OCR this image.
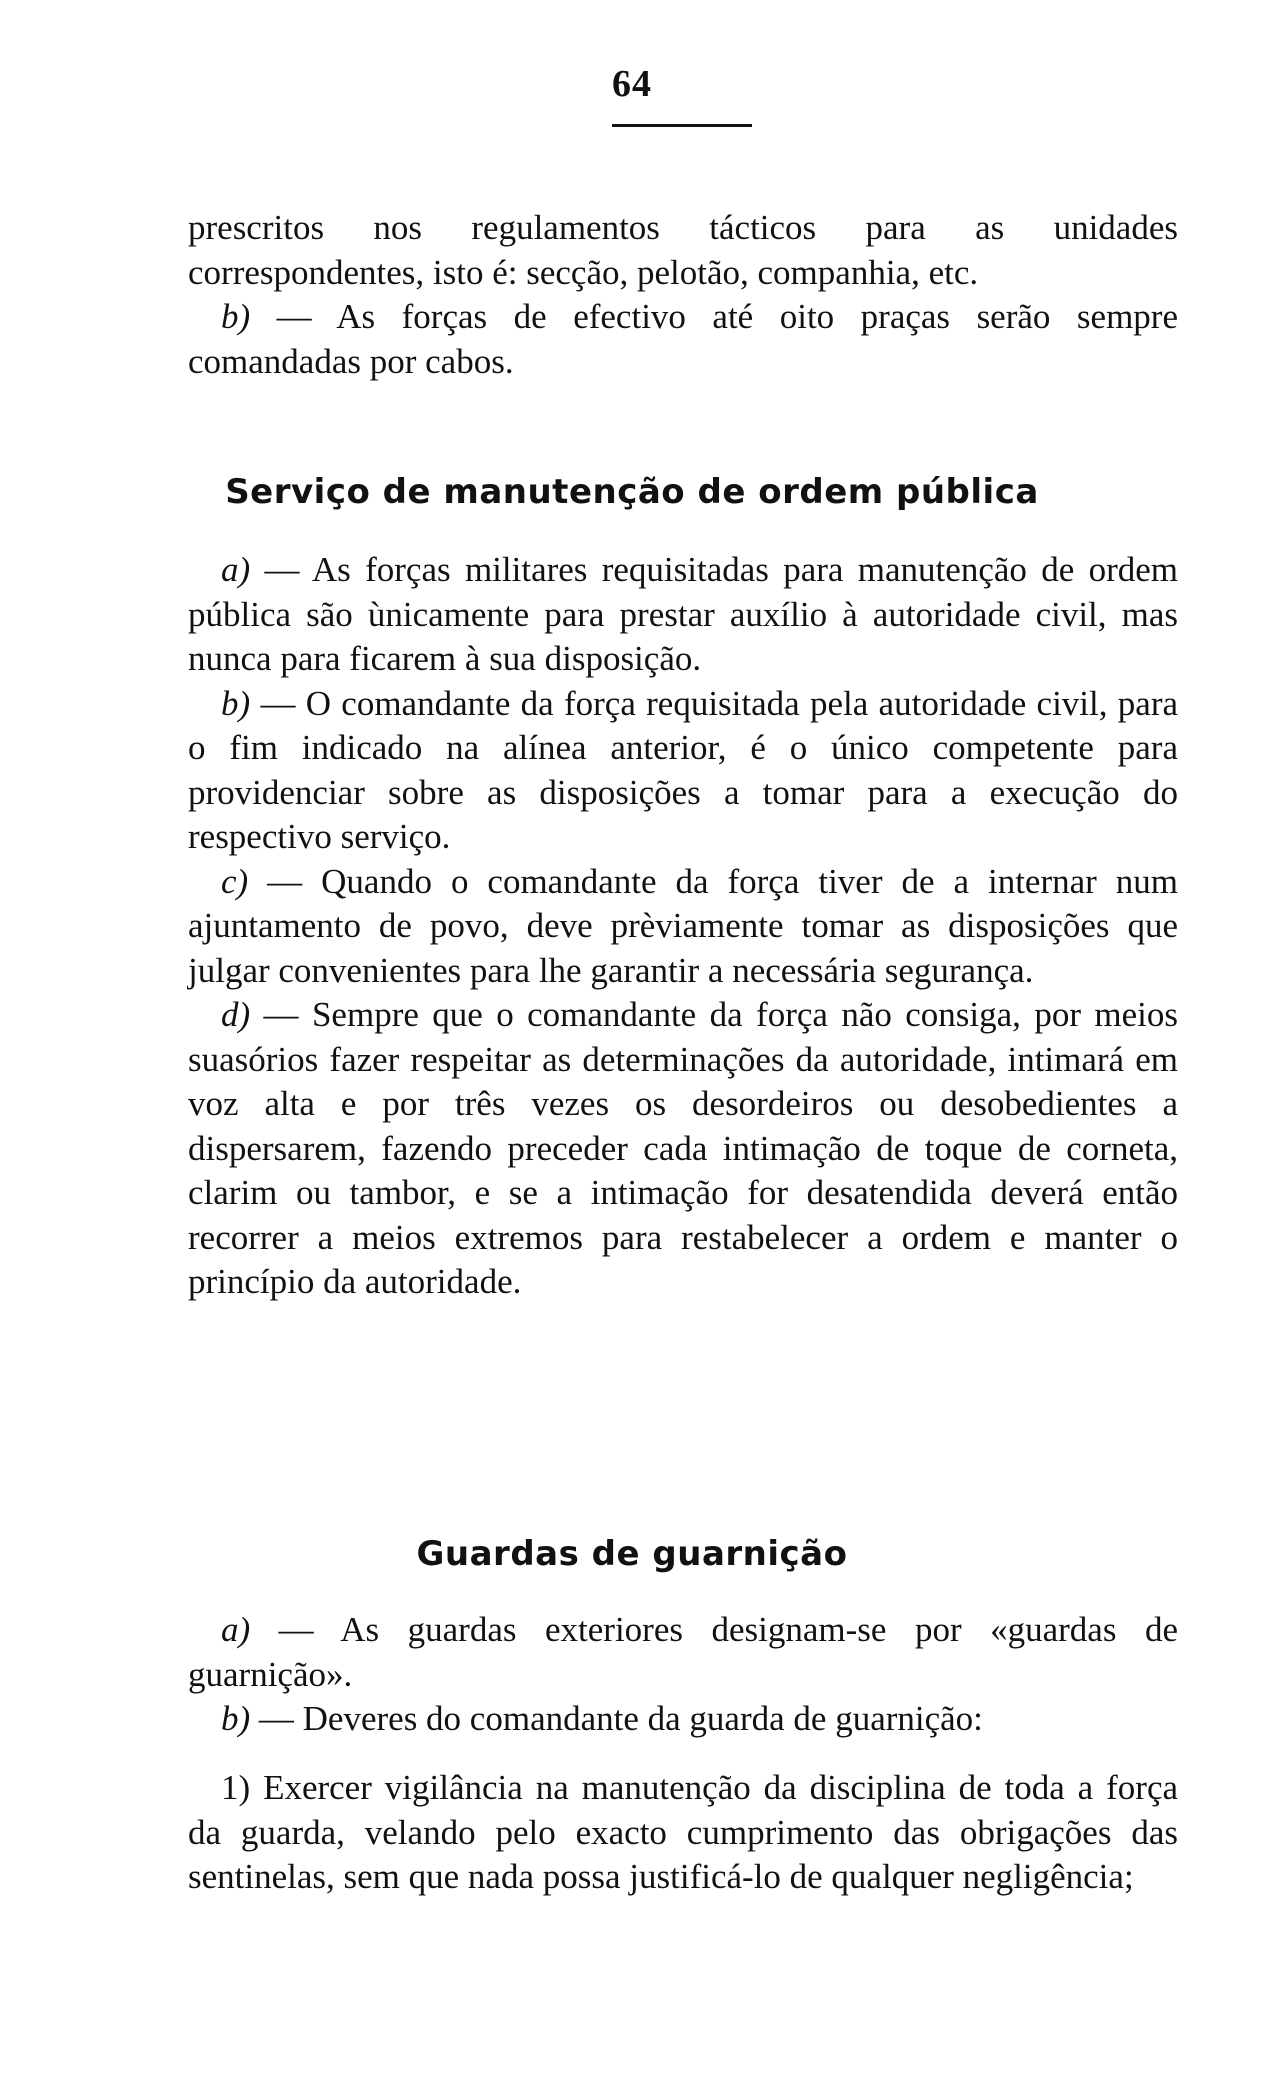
64

prescritos nos regulamentos tácticos para as unidades correspondentes, isto é: secção, pelotão, companhia, etc.

b) — As forças de efectivo até oito praças serão sempre comandadas por cabos.

Serviço de manutenção de ordem pública

a) — As forças militares requisitadas para manutenção de ordem pública são ùnicamente para prestar auxílio à autoridade civil, mas nunca para ficarem à sua disposição.

b) — O comandante da força requisitada pela autoridade civil, para o fim indicado na alínea anterior, é o único competente para providenciar sobre as disposições a tomar para a execução do respectivo serviço.

c) — Quando o comandante da força tiver de a internar num ajuntamento de povo, deve prèviamente tomar as disposições que julgar convenientes para lhe garantir a necessária segurança.

d) — Sempre que o comandante da força não consiga, por meios suasórios fazer respeitar as determinações da autoridade, intimará em voz alta e por três vezes os desordeiros ou desobedientes a dispersarem, fazendo preceder cada intimação de toque de corneta, clarim ou tambor, e se a intimação for desatendida deverá então recorrer a meios extremos para restabelecer a ordem e manter o princípio da autoridade.

Guardas de guarnição

a) — As guardas exteriores designam-se por «guardas de guarnição».

b) — Deveres do comandante da guarda de guarnição:

1) Exercer vigilância na manutenção da disciplina de toda a força da guarda, velando pelo exacto cumprimento das obrigações das sentinelas, sem que nada possa justificá-lo de qualquer negligência;
